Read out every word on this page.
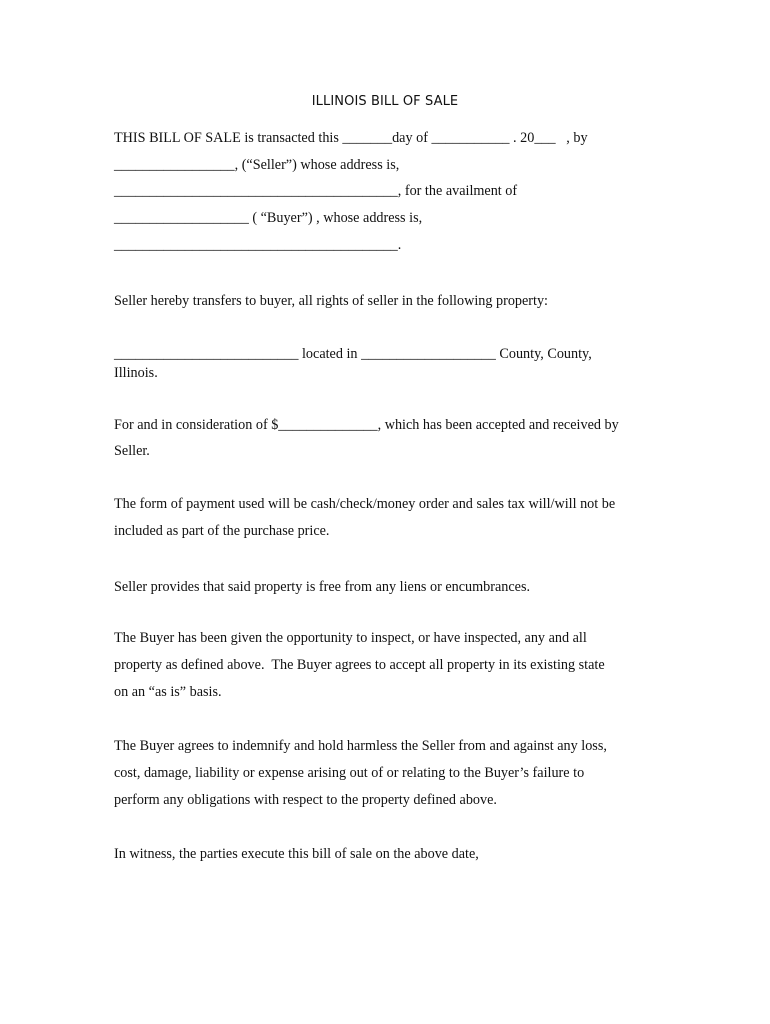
ILLINOIS BILL OF SALE
THIS BILL OF SALE is transacted this _______day of ___________ . 20___   , by
_________________, (“Seller”) whose address is,
________________________________________, for the availment of
___________________ ( “Buyer”) , whose address is,
________________________________________.
Seller hereby transfers to buyer, all rights of seller in the following property:
__________________________ located in ___________________ County, County,
Illinois.
For and in consideration of $______________, which has been accepted and received by
Seller.
The form of payment used will be cash/check/money order and sales tax will/will not be
included as part of the purchase price.
Seller provides that said property is free from any liens or encumbrances.
The Buyer has been given the opportunity to inspect, or have inspected, any and all
property as defined above.  The Buyer agrees to accept all property in its existing state
on an “as is” basis.
The Buyer agrees to indemnify and hold harmless the Seller from and against any loss,
cost, damage, liability or expense arising out of or relating to the Buyer’s failure to
perform any obligations with respect to the property defined above.
In witness, the parties execute this bill of sale on the above date,
